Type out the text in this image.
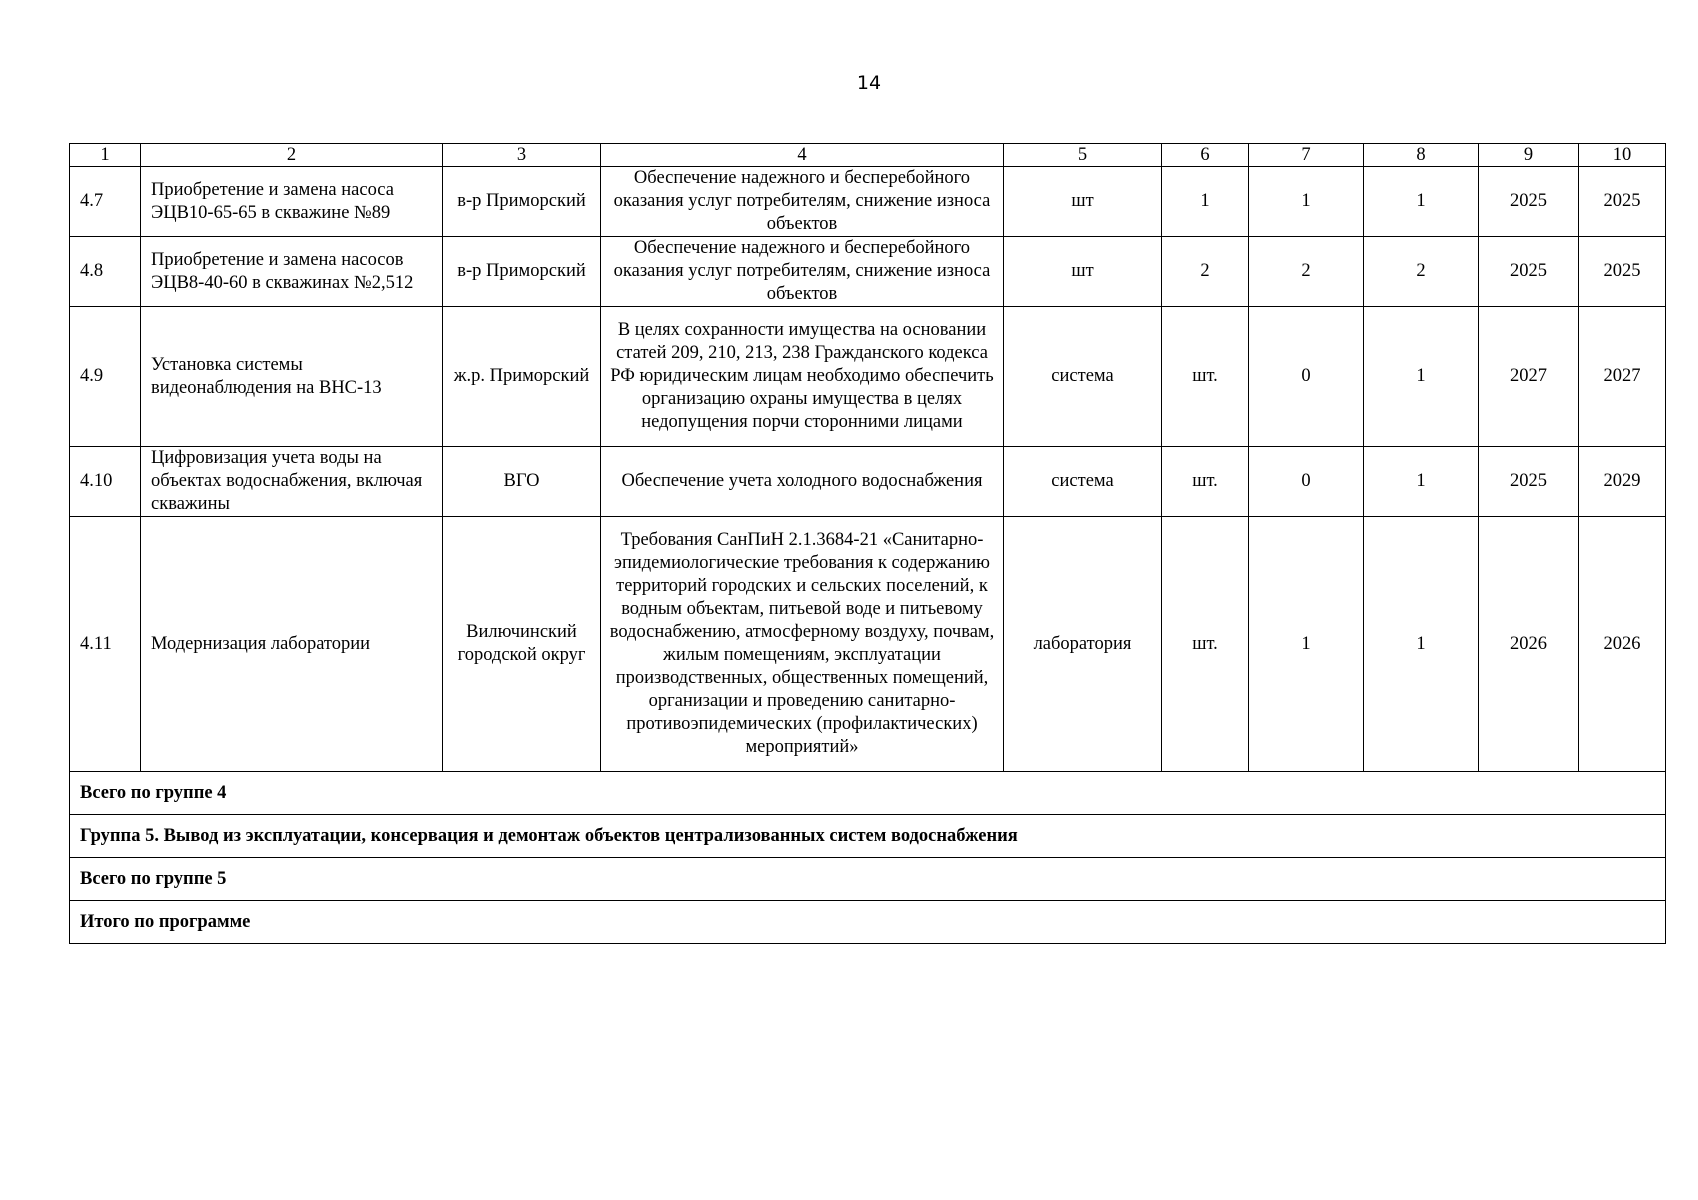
14
1	2	3	4	5	6	7	8	9	10
4.7	Приобретение и замена насоса ЭЦВ10-65-65 в скважине №89	в-р Приморский	Обеспечение надежного и бесперебойного оказания услуг потребителям, снижение износа объектов	шт	1	1	1	2025	2025
4.8	Приобретение и замена насосов ЭЦВ8-40-60 в скважинах №2,512	в-р Приморский	Обеспечение надежного и бесперебойного оказания услуг потребителям, снижение износа объектов	шт	2	2	2	2025	2025
4.9	Установка системы видеонаблюдения на ВНС-13	ж.р. Приморский	В целях сохранности имущества на основании статей 209, 210, 213, 238 Гражданского кодекса РФ юридическим лицам необходимо обеспечить организацию охраны имущества в целях недопущения порчи сторонними лицами	система	шт.	0	1	2027	2027
4.10	Цифровизация учета воды на объектах водоснабжения, включая скважины	ВГО	Обеспечение учета холодного водоснабжения	система	шт.	0	1	2025	2029
4.11	Модернизация лаборатории	Вилючинский городской округ	Требования СанПиН 2.1.3684-21 «Санитарно-эпидемиологические требования к содержанию территорий городских и сельских поселений, к водным объектам, питьевой воде и питьевому водоснабжению, атмосферному воздуху, почвам, жилым помещениям, эксплуатации производственных, общественных помещений, организации и проведению санитарно-противоэпидемических (профилактических) мероприятий»	лаборатория	шт.	1	1	2026	2026
Всего по группе 4									
Группа 5. Вывод из эксплуатации, консервация и демонтаж объектов централизованных систем водоснабжения									
Всего по группе 5									
Итого по программе									
